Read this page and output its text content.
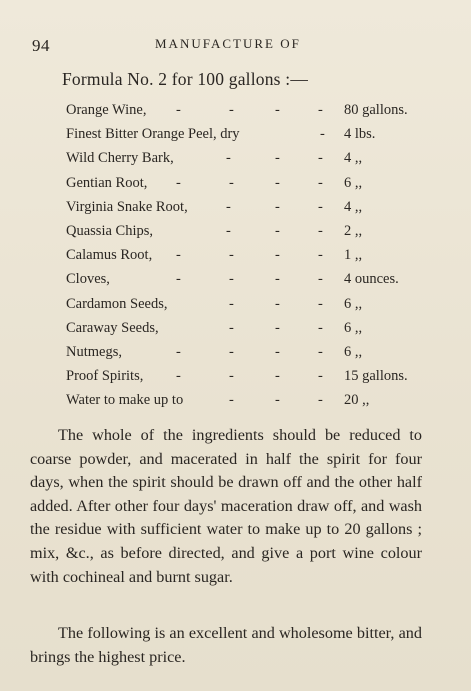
94	MANUFACTURE OF
Formula No. 2 for 100 gallons :—
Orange Wine, -	-	-	- 80 gallons.
Finest Bitter Orange Peel, dry	- 4 lbs.
Wild Cherry Bark,	-	-	- 4 ,,
Gentian Root, -	-	-	- 6 ,,
Virginia Snake Root,	-	-	- 4 ,,
Quassia Chips,	-	-	- 2 ,,
Calamus Root, -	-	-	- 1 ,,
Cloves,	-	-	-	- 4 ounces.
Cardamon Seeds,	-	-	- 6 ,,
Caraway Seeds,	-	-	- 6 ,,
Nutmegs,	-	-	-	- 6 ,,
Proof Spirits, -	-	-	- 15 gallons.
Water to make up to	-	-	- 20 ,,

The whole of the ingredients should be reduced to coarse powder, and macerated in half the spirit for four days, when the spirit should be drawn off and the other half added. After other four days' maceration draw off, and wash the residue with sufficient water to make up to 20 gallons ; mix, &c., as before directed, and give a port wine colour with cochineal and burnt sugar.

The following is an excellent and wholesome bitter, and brings the highest price.
